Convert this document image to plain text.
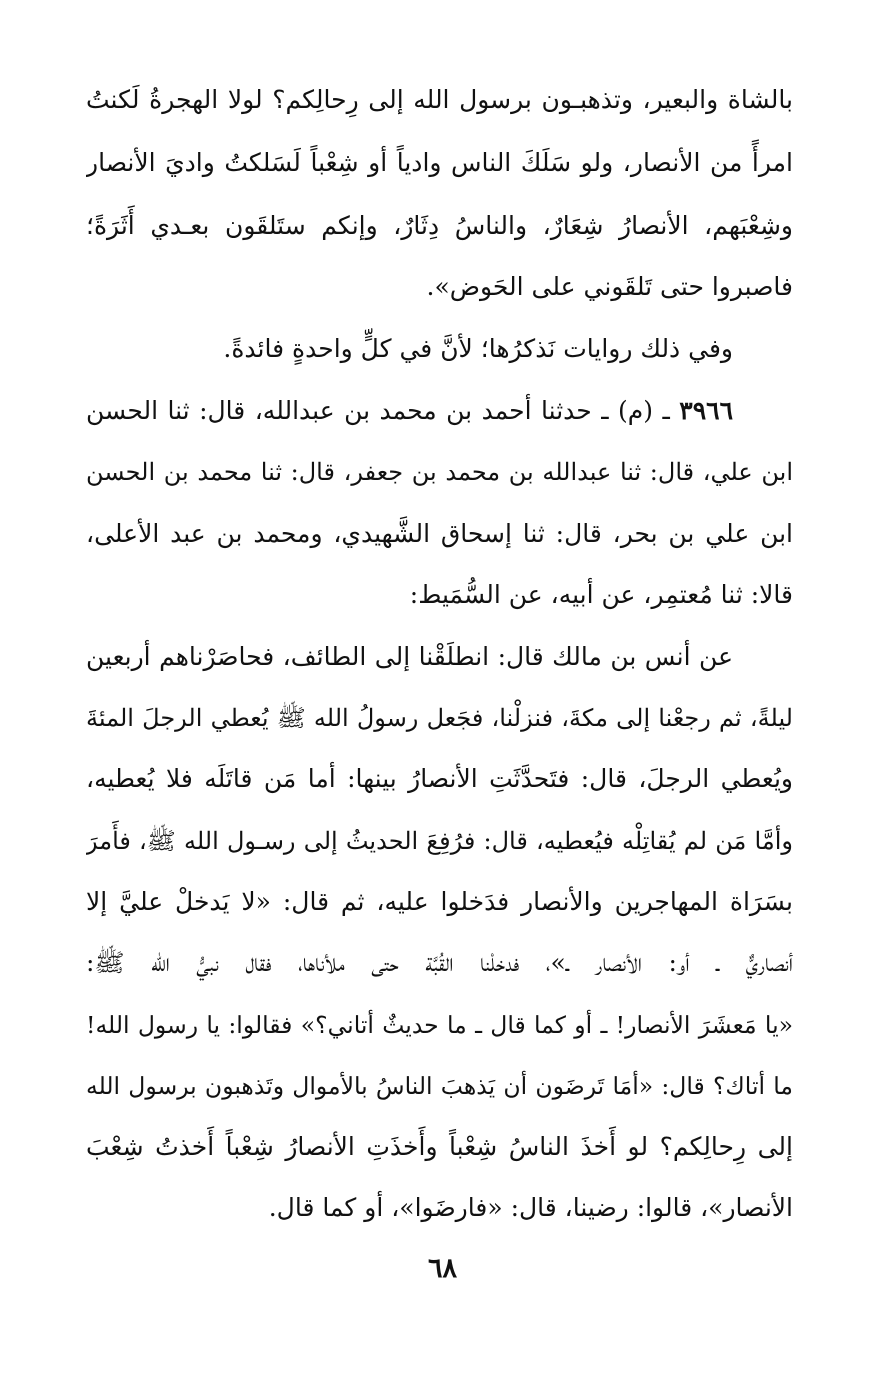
بالشاة والبعير، وتذهبـون برسول الله إلى رِحالِكم؟ لولا الهجرةُ لَكنتُ
امرأً من الأنصار، ولو سَلَكَ الناس وادياً أو شِعْباً لَسَلكتُ واديَ الأنصار
وشِعْبَهم، الأنصارُ شِعَارٌ، والناسُ دِثَارٌ، وإنكم ستَلقَون بعـدي أَثَرَةً؛
فاصبروا حتى تَلقَوني على الحَوض».
وفي ذلك روايات نَذكرُها؛ لأنَّ في كلٍّ واحدةٍ فائدةً.
٣٩٦٦ ـ (م) ـ حدثنا أحمد بن محمد بن عبدالله، قال: ثنا الحسن
ابن علي، قال: ثنا عبدالله بن محمد بن جعفر، قال: ثنا محمد بن الحسن
ابن علي بن بحر، قال: ثنا إسحاق الشَّهيدي، ومحمد بن عبد الأعلى،
قالا: ثنا مُعتمِر، عن أبيه، عن السُّمَيط:
عن أنس بن مالك قال: انطلَقْنا إلى الطائف، فحاصَرْناهم أربعين
ليلةً، ثم رجعْنا إلى مكةَ، فنزلْنا، فجَعل رسولُ الله ﷺ يُعطي الرجلَ المئةَ
ويُعطي الرجلَ، قال: فتَحدَّثَتِ الأنصارُ بينها: أما مَن قاتَلَه فلا يُعطيه،
وأمَّا مَن لم يُقاتِلْه فيُعطيه، قال: فرُفِعَ الحديثُ إلى رسـول الله ﷺ، فأَمرَ
بسَرَاة المهاجرين والأنصار فدَخلوا عليه، ثم قال: «لا يَدخلْ عليَّ إلا
أنصاريٌّ ـ أو: الأنصار ـ»، فدخلْنا القُبَّة حتى ملأناها، فقال نبيُّ الله ﷺ:
«يا مَعشَرَ الأنصار! ـ أو كما قال ـ ما حديثٌ أتاني؟» فقالوا: يا رسول الله!
ما أتاك؟ قال: «أمَا تَرضَون أن يَذهبَ الناسُ بالأموال وتَذهبون برسول الله
إلى رِحالِكم؟ لو أَخذَ الناسُ شِعْباً وأَخذَتِ الأنصارُ شِعْباً أَخذتُ شِعْبَ
الأنصار»، قالوا: رضينا، قال: «فارضَوا»، أو كما قال.
٦٨
